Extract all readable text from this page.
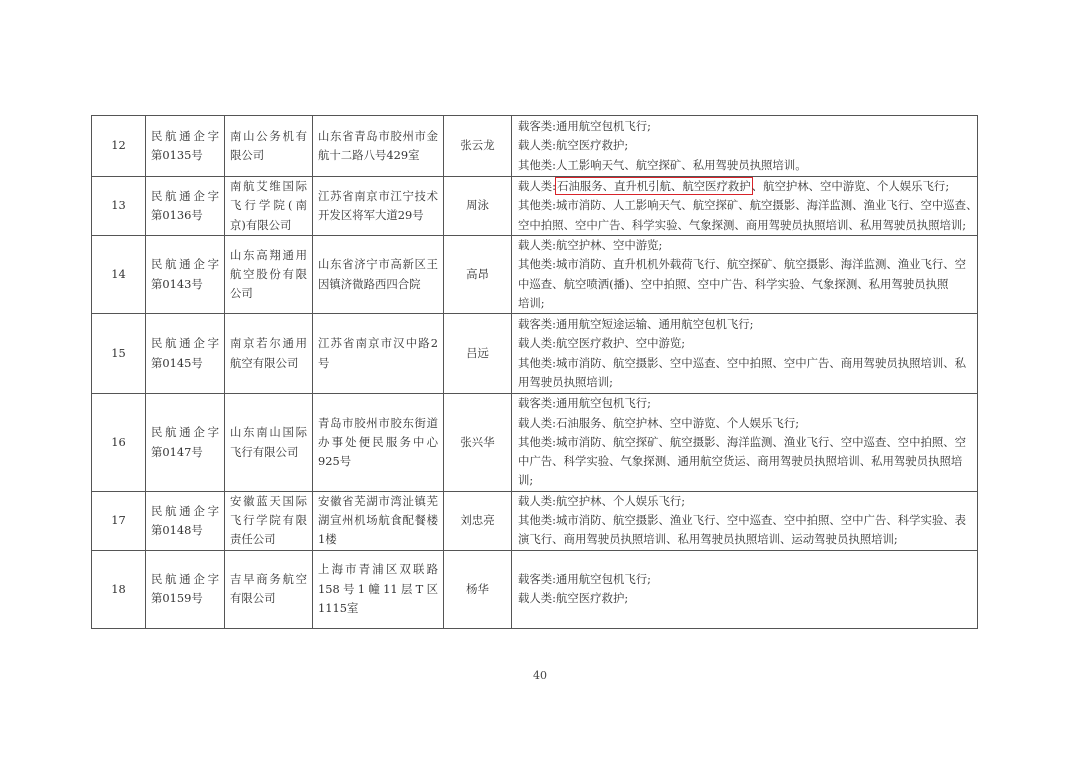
12	民航通企字第0135号	南山公务机有限公司	山东省青岛市胶州市金航十二路八号429室	张云龙	载客类:通用航空包机飞行;
载人类:航空医疗救护;
其他类:人工影响天气、航空探矿、私用驾驶员执照培训。

13	民航通企字第0136号	南航艾维国际飞行学院(南京)有限公司	江苏省南京市江宁技术开发区将军大道29号	周泳	载人类:石油服务、直升机引航、航空医疗救护、航空护林、空中游览、个人娱乐飞行;
其他类:城市消防、人工影响天气、航空探矿、航空摄影、海洋监测、渔业飞行、空中巡查、
空中拍照、空中广告、科学实验、气象探测、商用驾驶员执照培训、私用驾驶员执照培训;

14	民航通企字第0143号	山东高翔通用航空股份有限公司	山东省济宁市高新区王因镇济微路西四合院	高昂	载人类:航空护林、空中游览;
其他类:城市消防、直升机机外载荷飞行、航空探矿、航空摄影、海洋监测、渔业飞行、空
中巡查、航空喷洒(播)、空中拍照、空中广告、科学实验、气象探测、私用驾驶员执照
培训;

15	民航通企字第0145号	南京若尔通用航空有限公司	江苏省南京市汉中路2号	吕远	载客类:通用航空短途运输、通用航空包机飞行;
载人类:航空医疗救护、空中游览;
其他类:城市消防、航空摄影、空中巡查、空中拍照、空中广告、商用驾驶员执照培训、私
用驾驶员执照培训;

16	民航通企字第0147号	山东南山国际飞行有限公司	青岛市胶州市胶东街道办事处便民服务中心925号	张兴华	载客类:通用航空包机飞行;
载人类:石油服务、航空护林、空中游览、个人娱乐飞行;
其他类:城市消防、航空探矿、航空摄影、海洋监测、渔业飞行、空中巡查、空中拍照、空
中广告、科学实验、气象探测、通用航空货运、商用驾驶员执照培训、私用驾驶员执照培
训;

17	民航通企字第0148号	安徽蓝天国际飞行学院有限责任公司	安徽省芜湖市湾沚镇芜湖宣州机场航食配餐楼1楼	刘忠亮	载人类:航空护林、个人娱乐飞行;
其他类:城市消防、航空摄影、渔业飞行、空中巡查、空中拍照、空中广告、科学实验、表
演飞行、商用驾驶员执照培训、私用驾驶员执照培训、运动驾驶员执照培训;

18	民航通企字第0159号	吉早商务航空有限公司	上海市青浦区双联路158号1幢11层T区1115室	杨华	载客类:通用航空包机飞行;
载人类:航空医疗救护;
40
